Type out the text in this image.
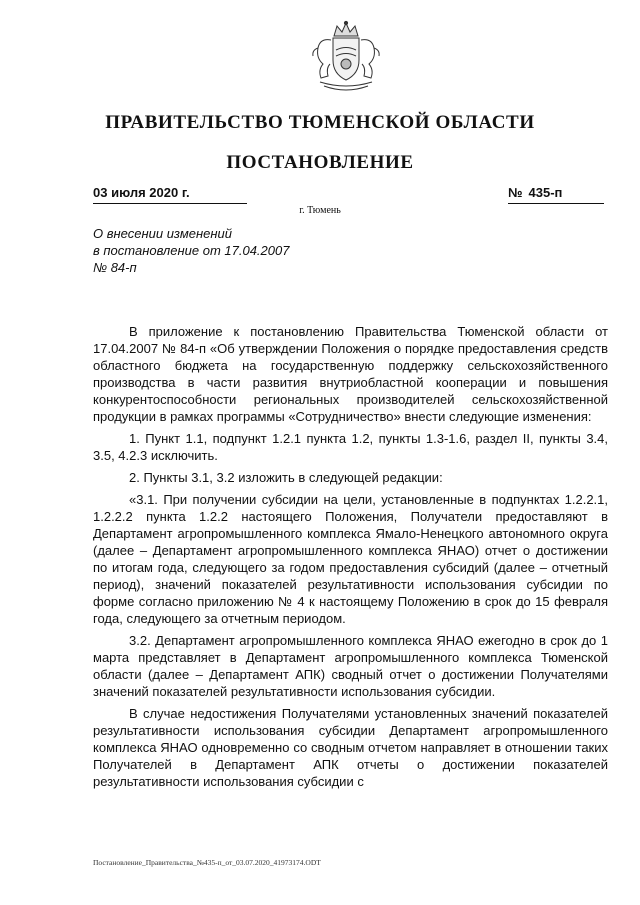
ПРАВИТЕЛЬСТВО ТЮМЕНСКОЙ ОБЛАСТИ
ПОСТАНОВЛЕНИЕ
03 июля 2020 г.	№ 435-п
г. Тюмень
О внесении изменений
в постановление от 17.04.2007
№ 84-п

В приложение к постановлению Правительства Тюменской области от 17.04.2007 № 84-п «Об утверждении Положения о порядке предоставления средств областного бюджета на государственную поддержку сельскохозяйственного производства в части развития внутриобластной кооперации и повышения конкурентоспособности региональных производителей сельскохозяйственной продукции в рамках программы «Сотрудничество» внести следующие изменения:

1. Пункт 1.1, подпункт 1.2.1 пункта 1.2, пункты 1.3-1.6, раздел II, пункты 3.4, 3.5, 4.2.3 исключить.

2. Пункты 3.1, 3.2 изложить в следующей редакции:

«3.1. При получении субсидии на цели, установленные в подпунктах 1.2.2.1, 1.2.2.2 пункта 1.2.2 настоящего Положения, Получатели предоставляют в Департамент агропромышленного комплекса Ямало-Ненецкого автономного округа (далее – Департамент агропромышленного комплекса ЯНАО) отчет о достижении по итогам года, следующего за годом предоставления субсидий (далее – отчетный период), значений показателей результативности использования субсидии по форме согласно приложению № 4 к настоящему Положению в срок до 15 февраля года, следующего за отчетным периодом.

3.2. Департамент агропромышленного комплекса ЯНАО ежегодно в срок до 1 марта представляет в Департамент агропромышленного комплекса Тюменской области (далее – Департамент АПК) сводный отчет о достижении Получателями значений показателей результативности использования субсидии.

В случае недостижения Получателями установленных значений показателей результативности использования субсидии Департамент агропромышленного комплекса ЯНАО одновременно со сводным отчетом направляет в отношении таких Получателей в Департамент АПК отчеты о достижении показателей результативности использования субсидии с

Постановление_Правительства_№435-п_от_03.07.2020_41973174.ODT
